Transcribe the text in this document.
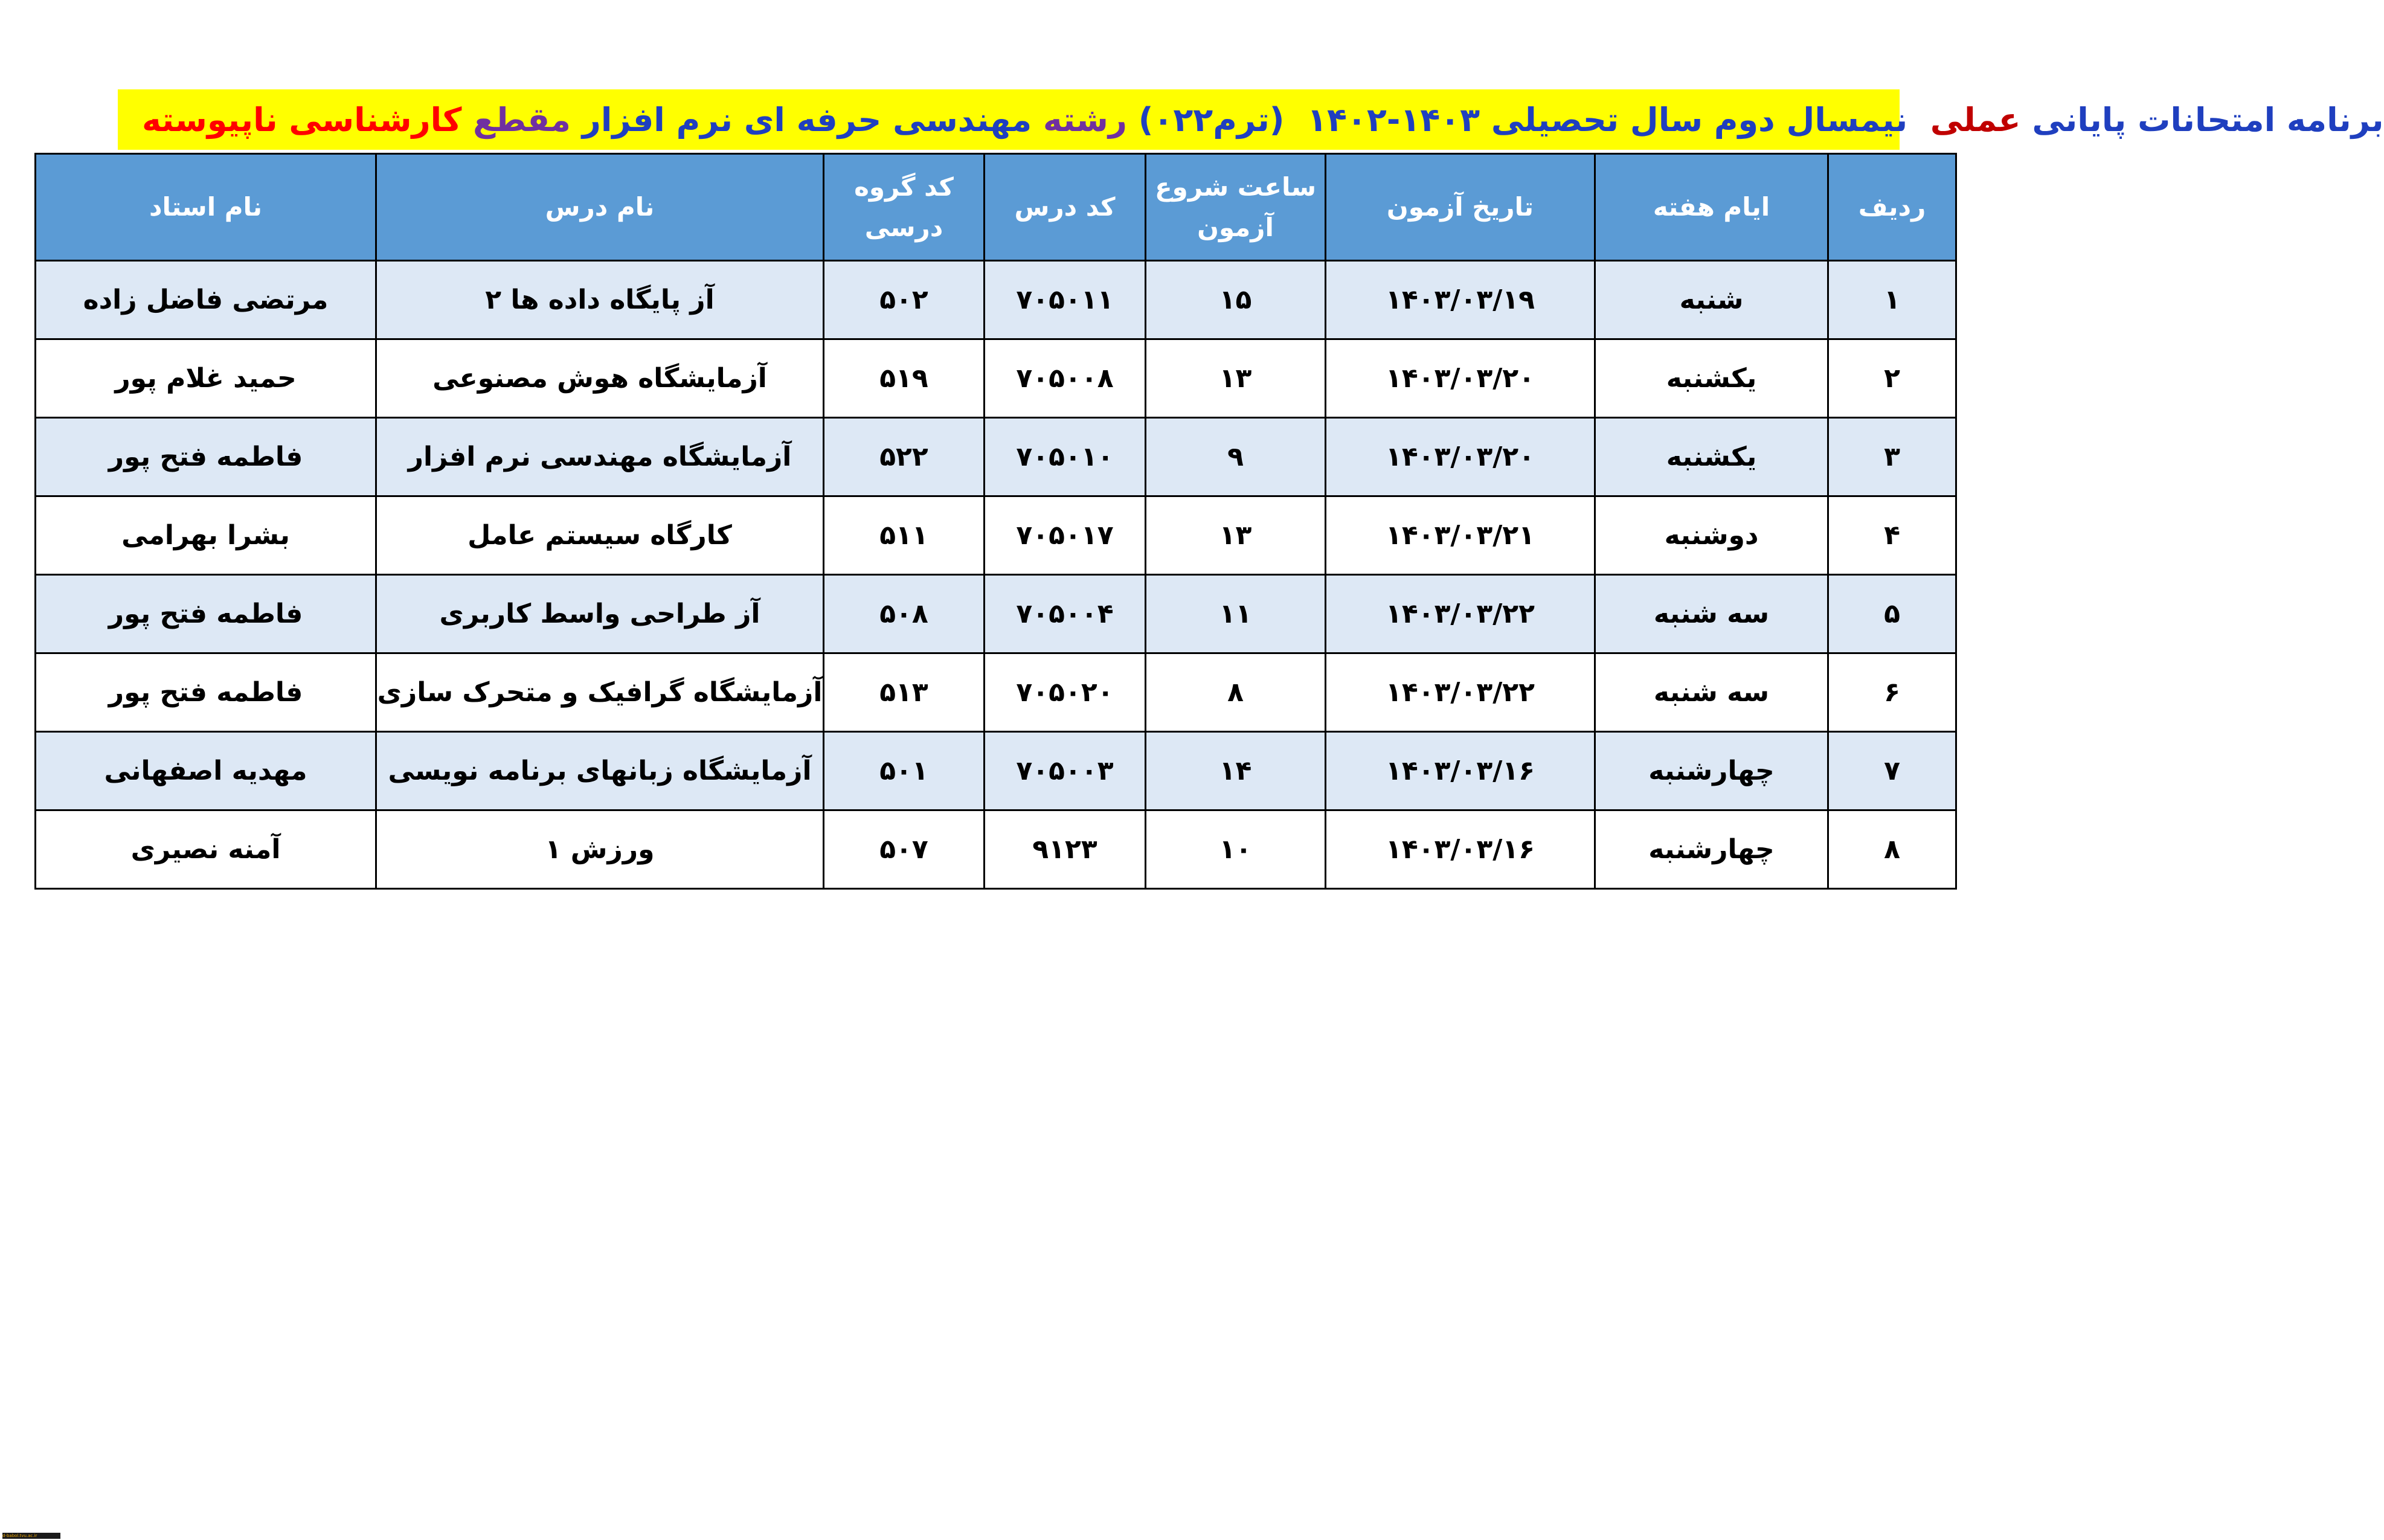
برنامه امتحانات پایانی
عملی
نیمسال دوم سال تحصیلی ۱۴۰۳-۱۴۰۲  (ترم۰۲۲)
رشته
مهندسی حرفه ای نرم افزار
مقطع
کارشناسی ناپیوسته
ردیف	ایام هفته	تاریخ آزمون	ساعت شروع آزمون	کد درس	کد گروه درسی	نام درس	نام استاد
۱	شنبه	۱۴۰۳/۰۳/۱۹	۱۵	۷۰۵۰۱۱	۵۰۲	آز پایگاه داده ها ۲	مرتضی فاضل زاده
۲	یکشنبه	۱۴۰۳/۰۳/۲۰	۱۳	۷۰۵۰۰۸	۵۱۹	آزمایشگاه هوش مصنوعی	حمید غلام پور
۳	یکشنبه	۱۴۰۳/۰۳/۲۰	۹	۷۰۵۰۱۰	۵۲۲	آزمایشگاه مهندسی نرم افزار	فاطمه فتح پور
۴	دوشنبه	۱۴۰۳/۰۳/۲۱	۱۳	۷۰۵۰۱۷	۵۱۱	کارگاه سیستم عامل	بشرا بهرامی
۵	سه شنبه	۱۴۰۳/۰۳/۲۲	۱۱	۷۰۵۰۰۴	۵۰۸	آز طراحی واسط کاربری	فاطمه فتح پور
۶	سه شنبه	۱۴۰۳/۰۳/۲۲	۸	۷۰۵۰۲۰	۵۱۳	آزمایشگاه گرافیک و متحرک سازی	فاطمه فتح پور
۷	چهارشنبه	۱۴۰۳/۰۳/۱۶	۱۴	۷۰۵۰۰۳	۵۰۱	آزمایشگاه زبانهای برنامه نویسی	مهدیه اصفهانی
۸	چهارشنبه	۱۴۰۳/۰۳/۱۶	۱۰	۹۱۲۳	۵۰۷	ورزش ۱	آمنه نصیری
d-babol.tvu.ac.ir
